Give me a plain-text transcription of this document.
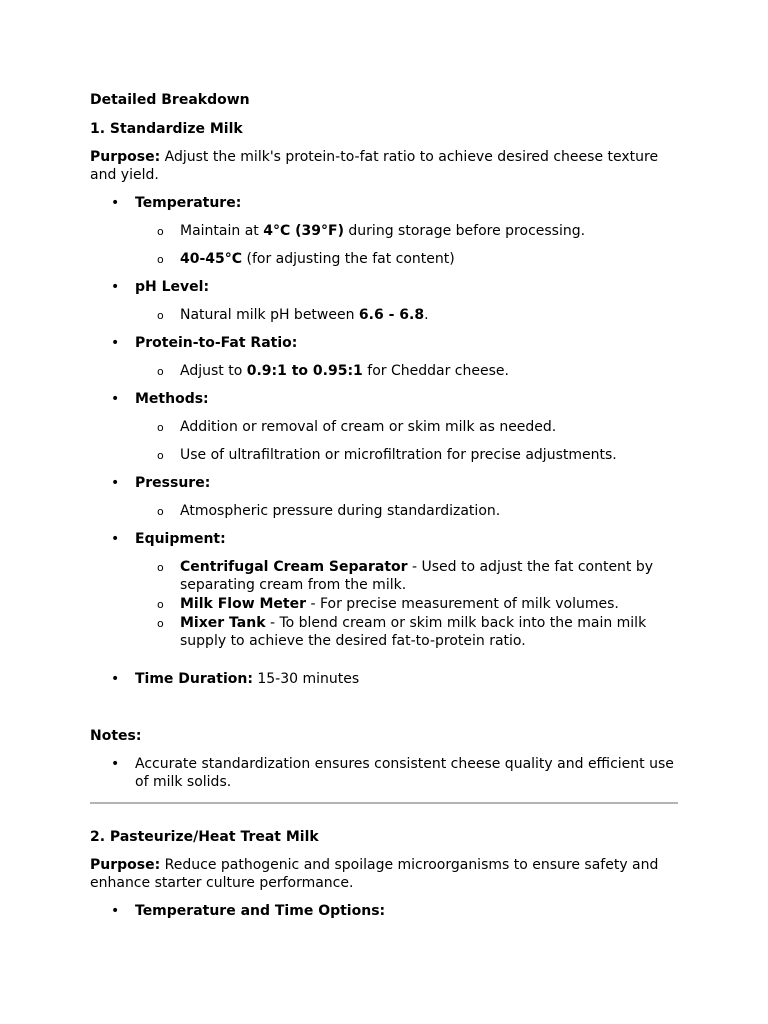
Detailed Breakdown

1. Standardize Milk

Purpose: Adjust the milk's protein-to-fat ratio to achieve desired cheese texture and yield.

• Temperature:
o Maintain at 4°C (39°F) during storage before processing.
o 40-45°C (for adjusting the fat content)
• pH Level:
o Natural milk pH between 6.6 - 6.8.
• Protein-to-Fat Ratio:
o Adjust to 0.9:1 to 0.95:1 for Cheddar cheese.
• Methods:
o Addition or removal of cream or skim milk as needed.
o Use of ultrafiltration or microfiltration for precise adjustments.
• Pressure:
o Atmospheric pressure during standardization.
• Equipment:
o Centrifugal Cream Separator - Used to adjust the fat content by separating cream from the milk.
o Milk Flow Meter - For precise measurement of milk volumes.
o Mixer Tank - To blend cream or skim milk back into the main milk supply to achieve the desired fat-to-protein ratio.
• Time Duration: 15-30 minutes

Notes:

• Accurate standardization ensures consistent cheese quality and efficient use of milk solids.

2. Pasteurize/Heat Treat Milk

Purpose: Reduce pathogenic and spoilage microorganisms to ensure safety and enhance starter culture performance.

• Temperature and Time Options:
